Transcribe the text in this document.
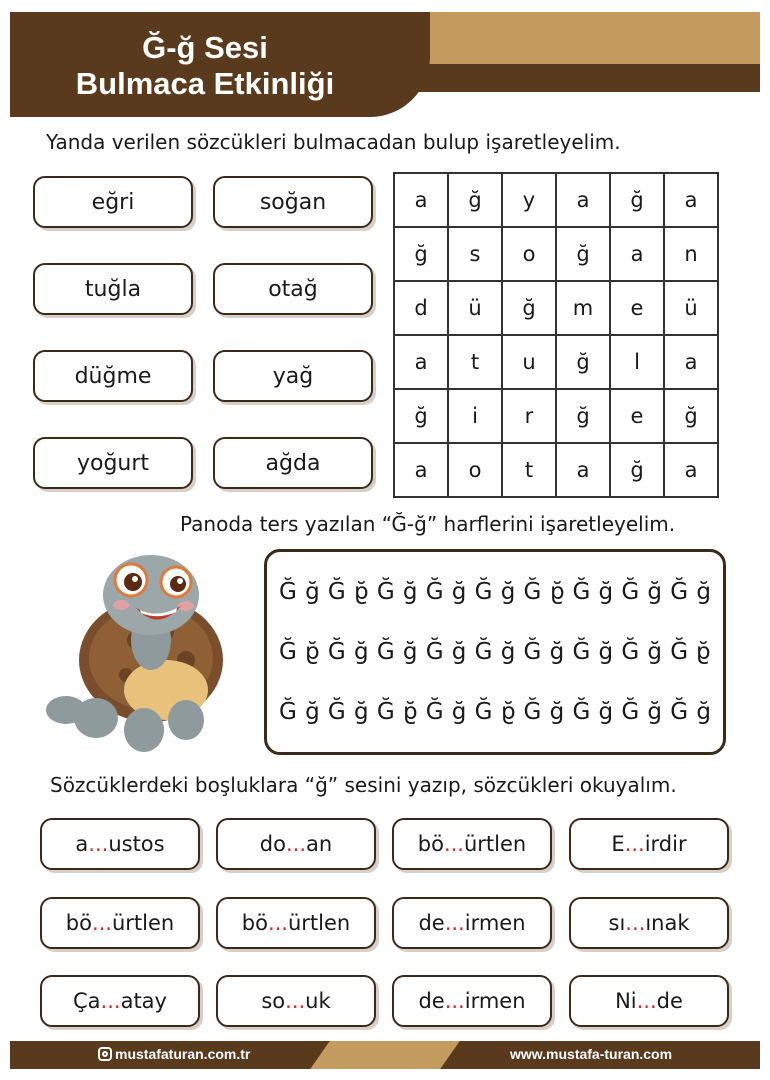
Ğ-ğ Sesi
Bulmaca Etkinliği
Yanda verilen sözcükleri bulmacadan bulup işaretleyelim.
eğri	soğan
tuğla	otağ
düğme	yağ
yoğurt	ağda
a	ğ	y	a	ğ	a
ğ	s	o	ğ	a	n
d	ü	ğ	m	e	ü
a	t	u	ğ	l	a
ğ	i	r	ğ	e	ğ
a	o	t	a	ğ	a
Panoda ters yazılan “Ğ-ğ” harflerini işaretleyelim.
Ğ ğ Ğ ğ Ğ ğ Ğ ğ Ğ ğ Ğ ğ Ğ ğ Ğ ğ Ğ ğ
Ğ ğ Ğ ğ Ğ ğ Ğ ğ Ğ ğ Ğ ğ Ğ ğ Ğ ğ Ğ ğ
Ğ ğ Ğ ğ Ğ ğ Ğ ğ Ğ ğ Ğ ğ Ğ ğ Ğ ğ Ğ ğ
Sözcüklerdeki boşluklara “ğ” sesini yazıp, sözcükleri okuyalım.
a ... ustos	do ... an	bö ... ürtlen	E ... irdir
bö ... ürtlen	bö ... ürtlen	de ... irmen	sı ... ınak
Ça ... atay	so ... uk	de ... irmen	Ni ... de
mustafaturan.com.tr	www.mustafa-turan.com
